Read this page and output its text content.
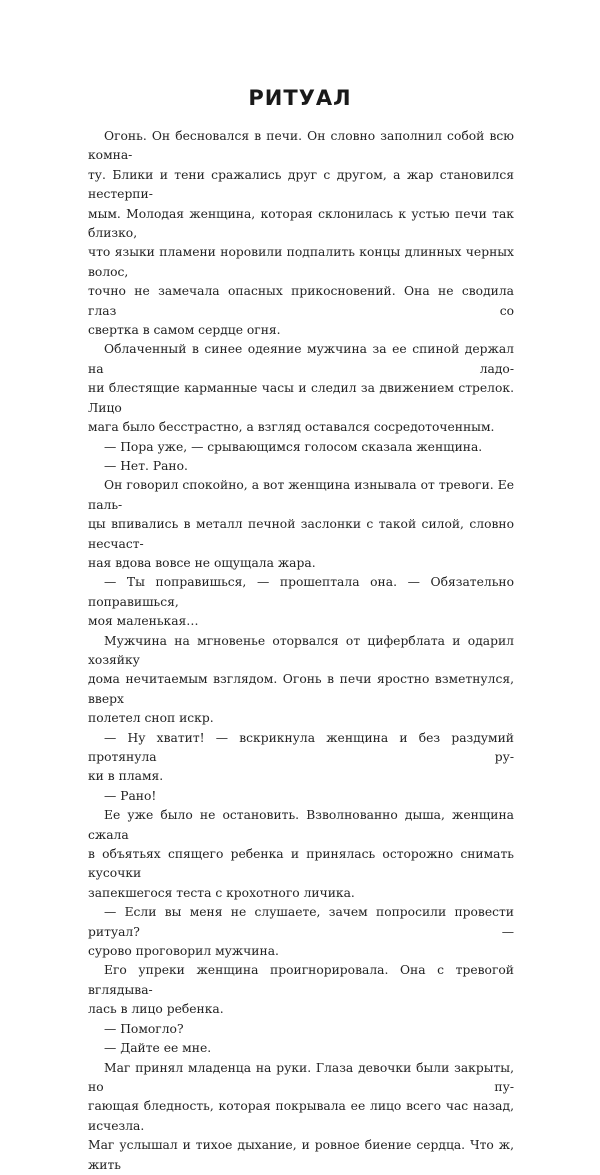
РИТУАЛ
Огонь. Он бесновался в печи. Он словно заполнил собой всю комна-
ту. Блики и тени сражались друг с другом, а жар становился нестерпи-
мым. Молодая женщина, которая склонилась к устью печи так близко,
что языки пламени норовили подпалить концы длинных черных волос,
точно не замечала опасных прикосновений. Она не сводила глаз со
свертка в самом сердце огня.
Облаченный в синее одеяние мужчина за ее спиной держал на ладо-
ни блестящие карманные часы и следил за движением стрелок. Лицо
мага было бесстрастно, а взгляд оставался сосредоточенным.
— Пора уже, — срывающимся голосом сказала женщина.
— Нет. Рано.
Он говорил спокойно, а вот женщина изнывала от тревоги. Ее паль-
цы впивались в металл печной заслонки с такой силой, словно несчаст-
ная вдова вовсе не ощущала жара.
— Ты поправишься, — прошептала она. — Обязательно поправишься,
моя маленькая…
Мужчина на мгновенье оторвался от циферблата и одарил хозяйку
дома нечитаемым взглядом. Огонь в печи яростно взметнулся, вверх
полетел сноп искр.
— Ну хватит! — вскрикнула женщина и без раздумий протянула ру-
ки в пламя.
— Рано!
Ее уже было не остановить. Взволнованно дыша, женщина сжала
в объятьях спящего ребенка и принялась осторожно снимать кусочки
запекшегося теста с крохотного личика.
— Если вы меня не слушаете, зачем попросили провести ритуал? —
сурово проговорил мужчина.
Его упреки женщина проигнорировала. Она с тревогой вглядыва-
лась в лицо ребенка.
— Помогло?
— Дайте ее мне.
Маг принял младенца на руки. Глаза девочки были закрыты, но пу-
гающая бледность, которая покрывала ее лицо всего час назад, исчезла.
Маг услышал и тихое дыхание, и ровное биение сердца. Что ж, жить
